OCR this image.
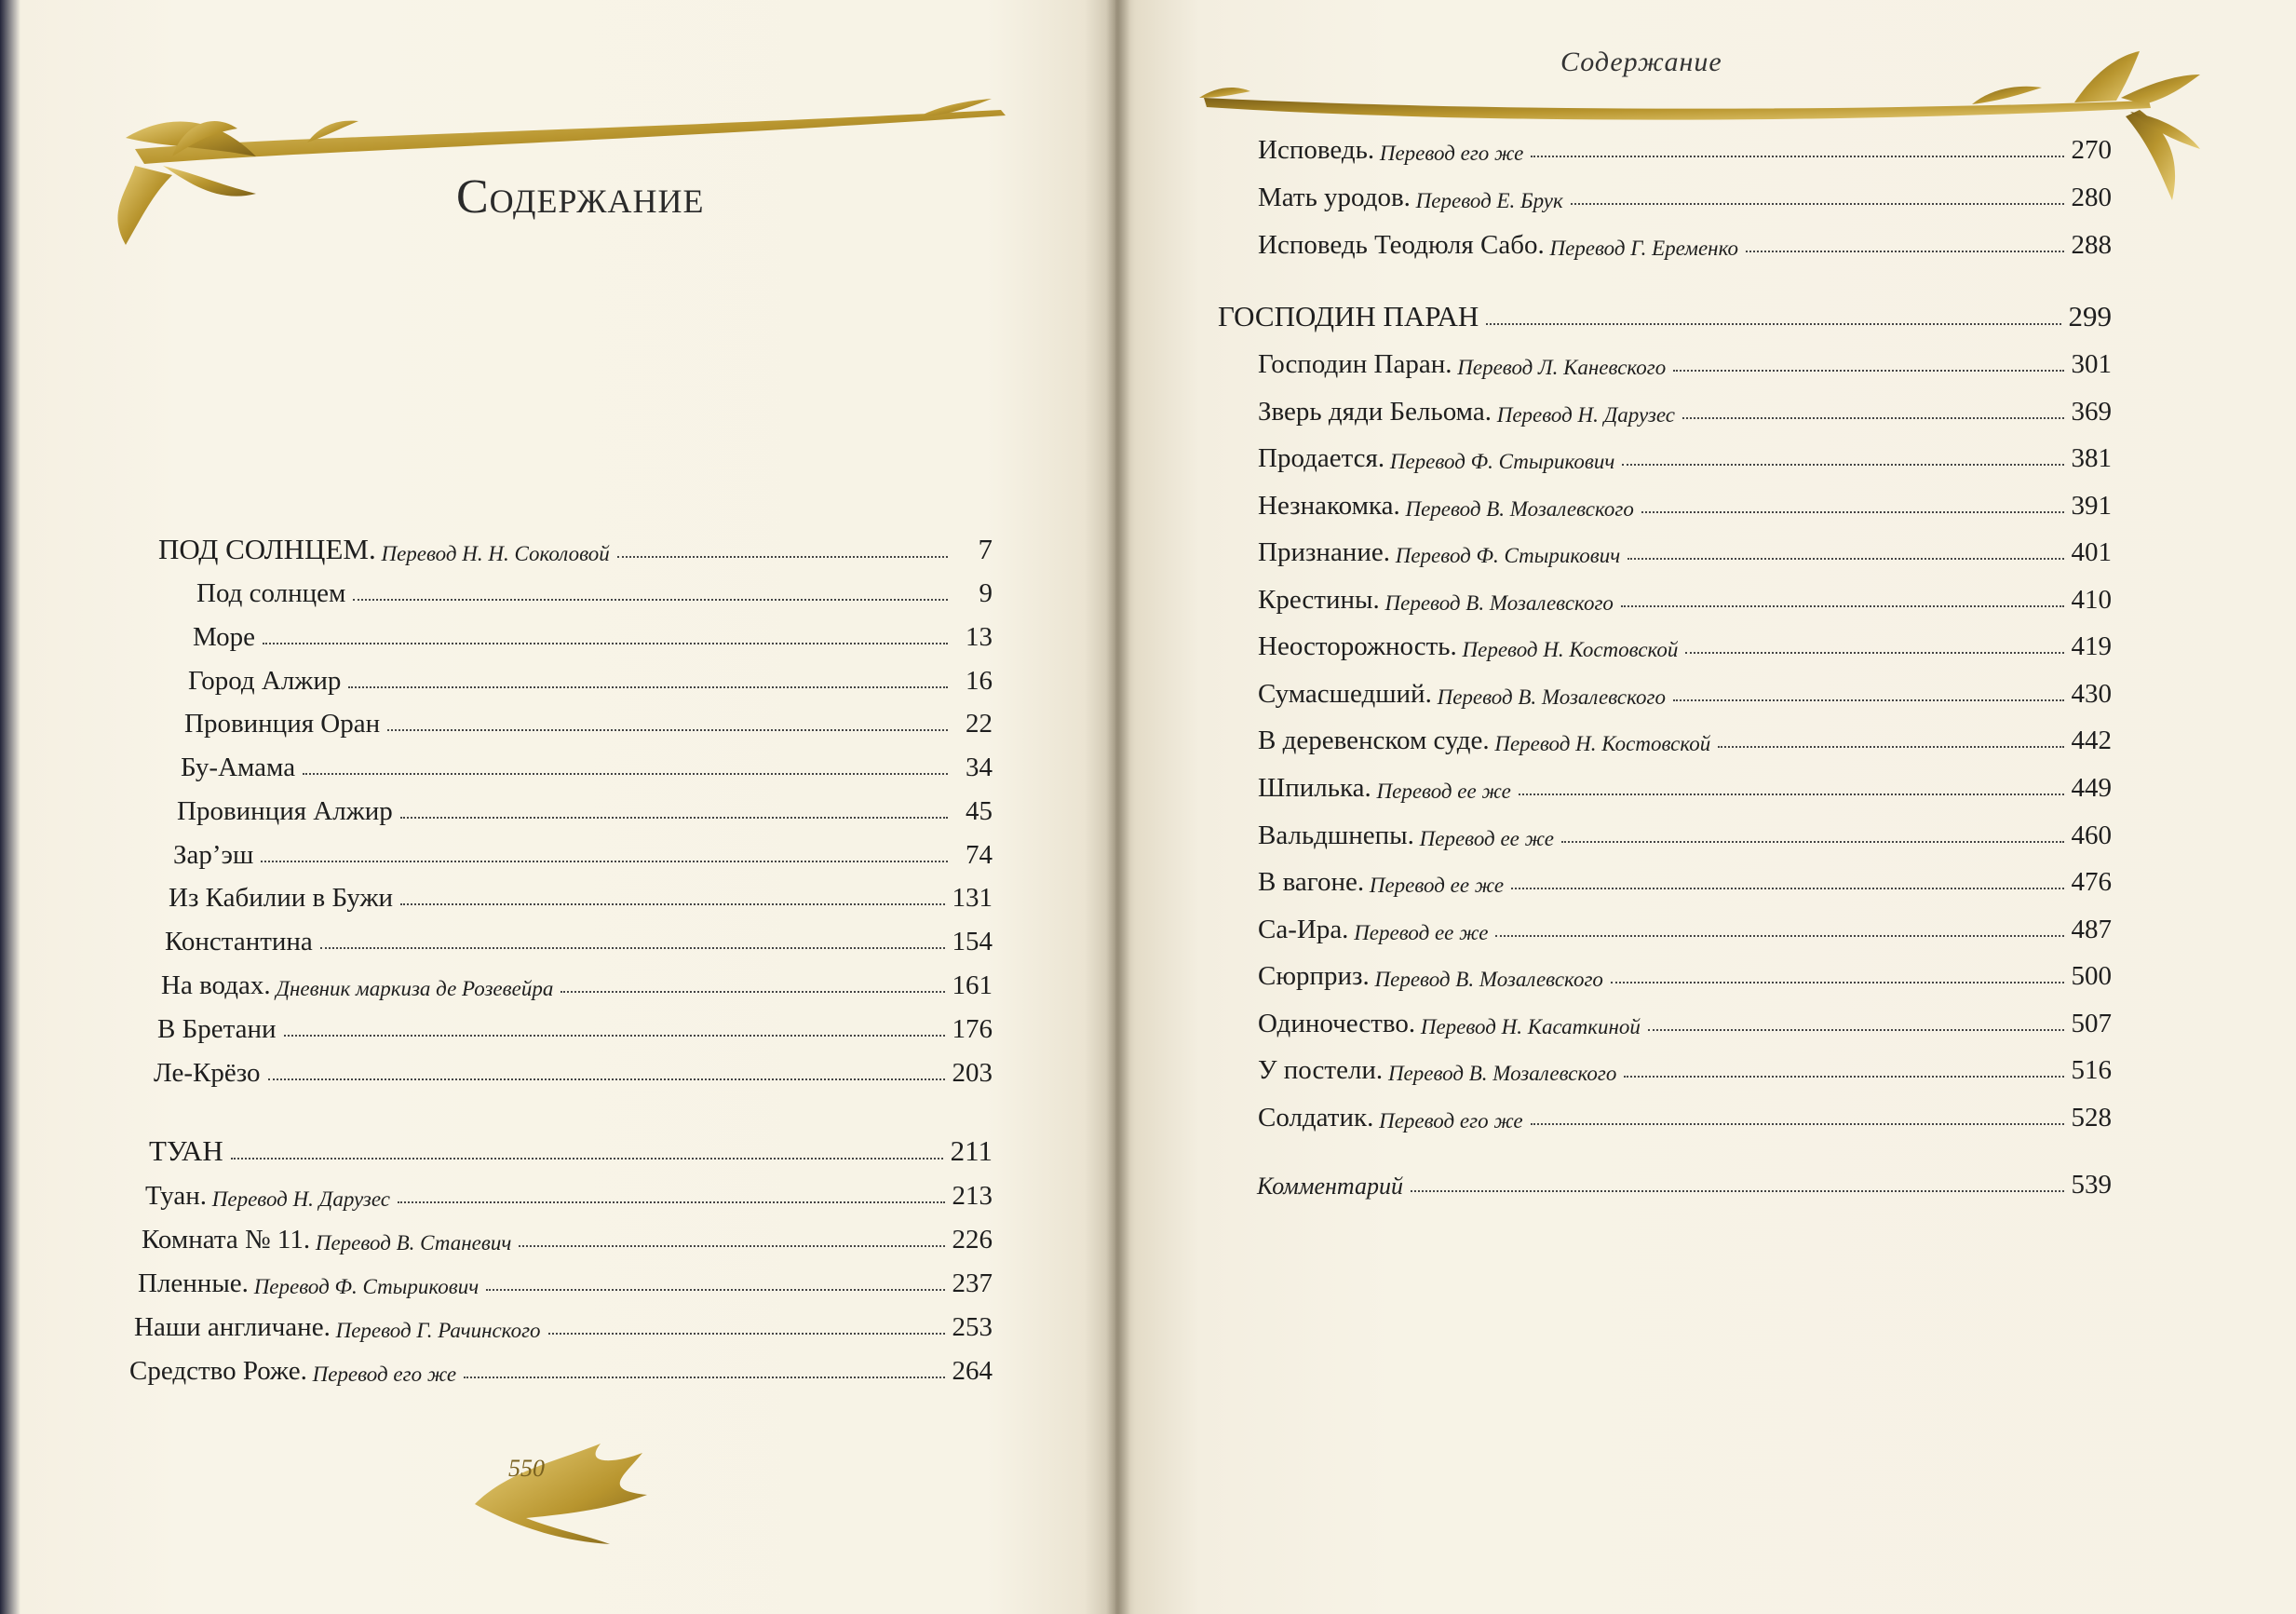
Содержание
ПОД СОЛНЦЕМ. Перевод Н. Н. Соколовой	7
Под солнцем	9
Море	13
Город Алжир	16
Провинция Оран	22
Бу-Амама	34
Провинция Алжир	45
Зар’эш	74
Из Кабилии в Бужи	131
Константина	154
На водах. Дневник маркиза де Розевейра	161
В Бретани	176
Ле-Крёзо	203
ТУАН	211
Туан. Перевод Н. Дарузес	213
Комната № 11. Перевод В. Станевич	226
Пленные. Перевод Ф. Стырикович	237
Наши англичане. Перевод Г. Рачинского	253
Средство Роже. Перевод его же	264
550
Содержание
Исповедь. Перевод его же	270
Мать уродов. Перевод Е. Брук	280
Исповедь Теодюля Сабо. Перевод Г. Еременко	288
ГОСПОДИН ПАРАН	299
Господин Паран. Перевод Л. Каневского	301
Зверь дяди Бельома. Перевод Н. Дарузес	369
Продается. Перевод Ф. Стырикович	381
Незнакомка. Перевод В. Мозалевского	391
Признание. Перевод Ф. Стырикович	401
Крестины. Перевод В. Мозалевского	410
Неосторожность. Перевод Н. Костовской	419
Сумасшедший. Перевод В. Мозалевского	430
В деревенском суде. Перевод Н. Костовской	442
Шпилька. Перевод ее же	449
Вальдшнепы. Перевод ее же	460
В вагоне. Перевод ее же	476
Са-Ира. Перевод ее же	487
Сюрприз. Перевод В. Мозалевского	500
Одиночество. Перевод Н. Касаткиной	507
У постели. Перевод В. Мозалевского	516
Солдатик. Перевод его же	528
Комментарий	539
